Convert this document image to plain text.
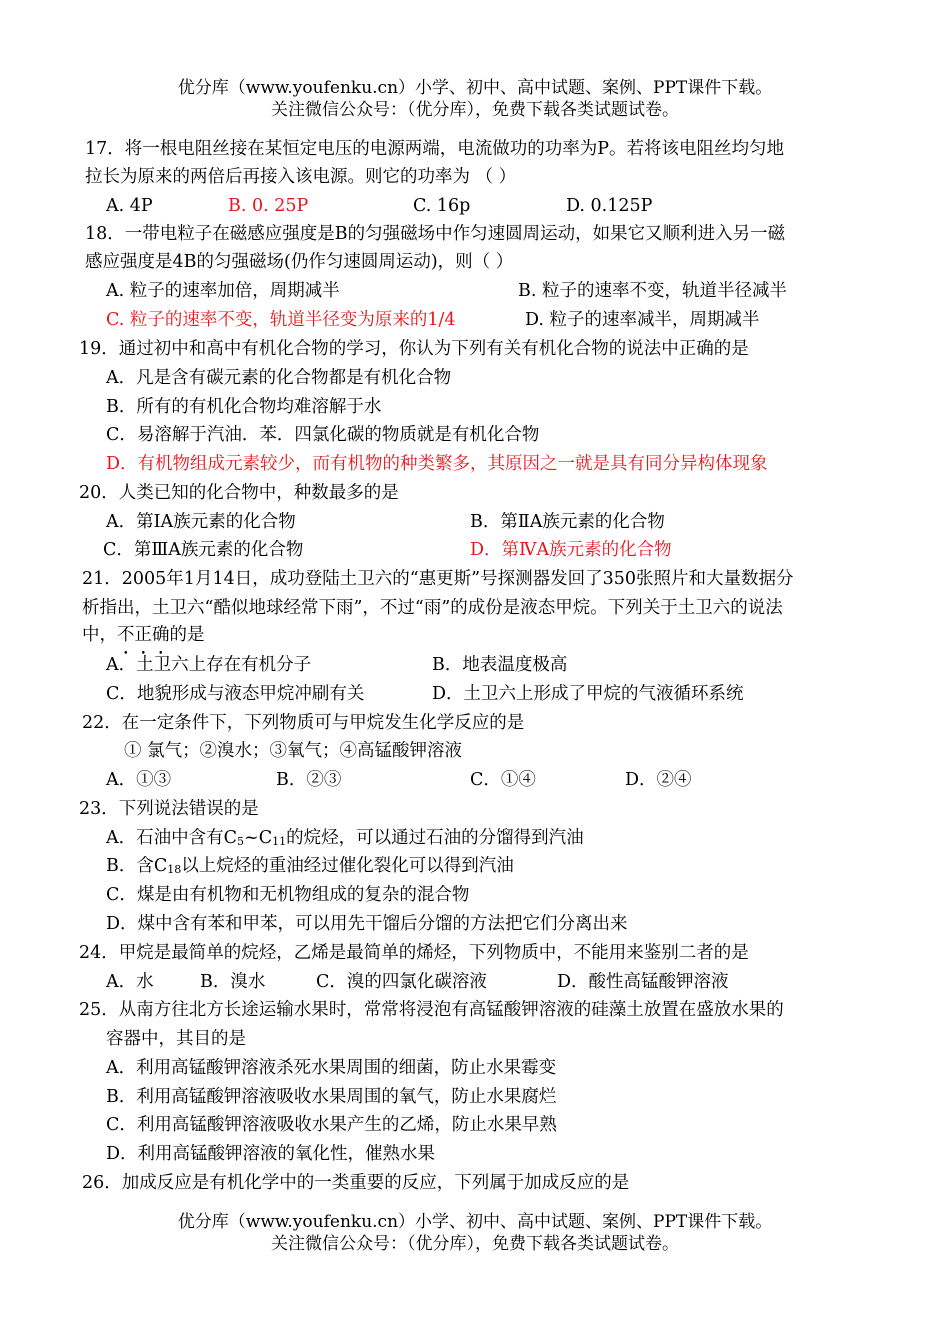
优分库（www.youfenku.cn）小学、初中、高中试题、案例、PPT课件下载。
关注微信公众号：（优分库），免费下载各类试题试卷。
17．将一根电阻丝接在某恒定电压的电源两端，电流做功的功率为P。若将该电阻丝均匀地
拉长为原来的两倍后再接入该电源。则它的功率为 （ ）
A. 4P	B. 0. 25P	C. 16p	D. 0.125P
18．一带电粒子在磁感应强度是B的匀强磁场中作匀速圆周运动，如果它又顺利进入另一磁
感应强度是4B的匀强磁场(仍作匀速圆周运动)，则（ ）
A. 粒子的速率加倍，周期减半	B. 粒子的速率不变，轨道半径减半
C. 粒子的速率不变，轨道半径变为原来的1/4	D. 粒子的速率减半，周期减半
19．通过初中和高中有机化合物的学习，你认为下列有关有机化合物的说法中正确的是
A．凡是含有碳元素的化合物都是有机化合物
B．所有的有机化合物均难溶解于水
C．易溶解于汽油．苯．四氯化碳的物质就是有机化合物
D．有机物组成元素较少，而有机物的种类繁多，其原因之一就是具有同分异构体现象
20．人类已知的化合物中，种数最多的是
A．第ⅠA族元素的化合物	B．第ⅡA族元素的化合物
C．第ⅢA族元素的化合物	D．第ⅣA族元素的化合物
21．2005年1月14日，成功登陆土卫六的“惠更斯”号探测器发回了350张照片和大量数据分
析指出，土卫六“酷似地球经常下雨”，不过“雨”的成份是液态甲烷。下列关于土卫六的说法
中，不正确的是
A．土卫六上存在有机分子	B．地表温度极高
C．地貌形成与液态甲烷冲刷有关	D．土卫六上形成了甲烷的气液循环系统
22．在一定条件下，下列物质可与甲烷发生化学反应的是
① 氯气；②溴水；③氧气；④高锰酸钾溶液
A．①③	B．②③	C．①④	D．②④
23．下列说法错误的是
A．石油中含有$C_5\sim C_{11}$的烷烃，可以通过石油的分馏得到汽油
B．含$C_{18}$以上烷烃的重油经过催化裂化可以得到汽油
C．煤是由有机物和无机物组成的复杂的混合物
D．煤中含有苯和甲苯，可以用先干馏后分馏的方法把它们分离出来
24．甲烷是最简单的烷烃，乙烯是最简单的烯烃，下列物质中，不能用来鉴别二者的是
A．水	B．溴水	C．溴的四氯化碳溶液	D．酸性高锰酸钾溶液
25．从南方往北方长途运输水果时，常常将浸泡有高锰酸钾溶液的硅藻土放置在盛放水果的
容器中，其目的是
A．利用高锰酸钾溶液杀死水果周围的细菌，防止水果霉变
B．利用高锰酸钾溶液吸收水果周围的氧气，防止水果腐烂
C．利用高锰酸钾溶液吸收水果产生的乙烯，防止水果早熟
D．利用高锰酸钾溶液的氧化性，催熟水果
26．加成反应是有机化学中的一类重要的反应，下列属于加成反应的是
优分库（www.youfenku.cn）小学、初中、高中试题、案例、PPT课件下载。
关注微信公众号：（优分库），免费下载各类试题试卷。
